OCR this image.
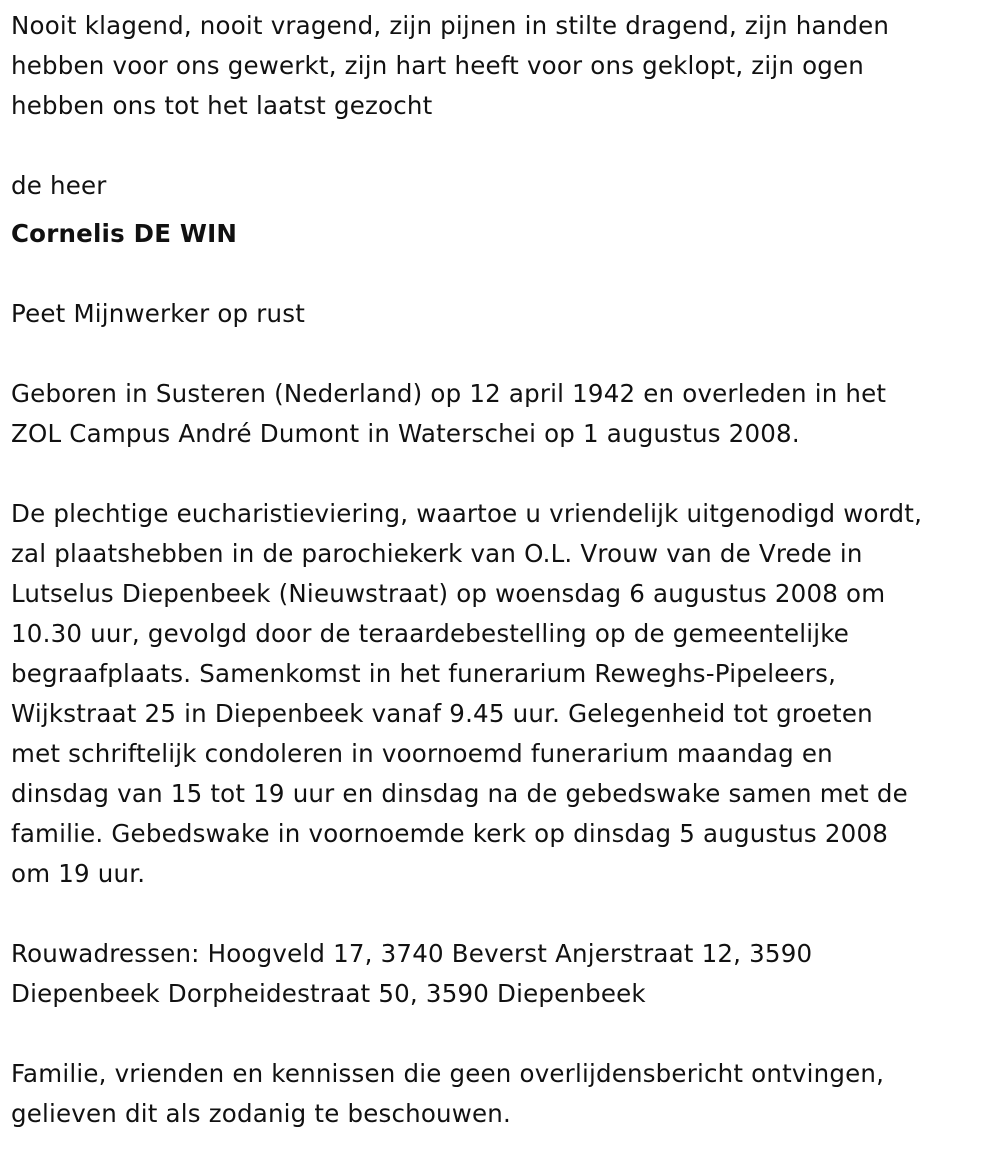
Nooit klagend, nooit vragend, zijn pijnen in stilte dragend, zijn handen
hebben voor ons gewerkt, zijn hart heeft voor ons geklopt, zijn ogen
hebben ons tot het laatst gezocht

de heer

Cornelis DE WIN

Peet Mijnwerker op rust

Geboren in Susteren (Nederland) op 12 april 1942 en overleden in het
ZOL Campus André Dumont in Waterschei op 1 augustus 2008.

De plechtige eucharistieviering, waartoe u vriendelijk uitgenodigd wordt,
zal plaatshebben in de parochiekerk van O.L. Vrouw van de Vrede in
Lutselus Diepenbeek (Nieuwstraat) op woensdag 6 augustus 2008 om
10.30 uur, gevolgd door de teraardebestelling op de gemeentelijke
begraafplaats. Samenkomst in het funerarium Reweghs-Pipeleers,
Wijkstraat 25 in Diepenbeek vanaf 9.45 uur. Gelegenheid tot groeten
met schriftelijk condoleren in voornoemd funerarium maandag en
dinsdag van 15 tot 19 uur en dinsdag na de gebedswake samen met de
familie. Gebedswake in voornoemde kerk op dinsdag 5 augustus 2008
om 19 uur.

Rouwadressen: Hoogveld 17, 3740 Beverst Anjerstraat 12, 3590
Diepenbeek Dorpheidestraat 50, 3590 Diepenbeek

Familie, vrienden en kennissen die geen overlijdensbericht ontvingen,
gelieven dit als zodanig te beschouwen.
